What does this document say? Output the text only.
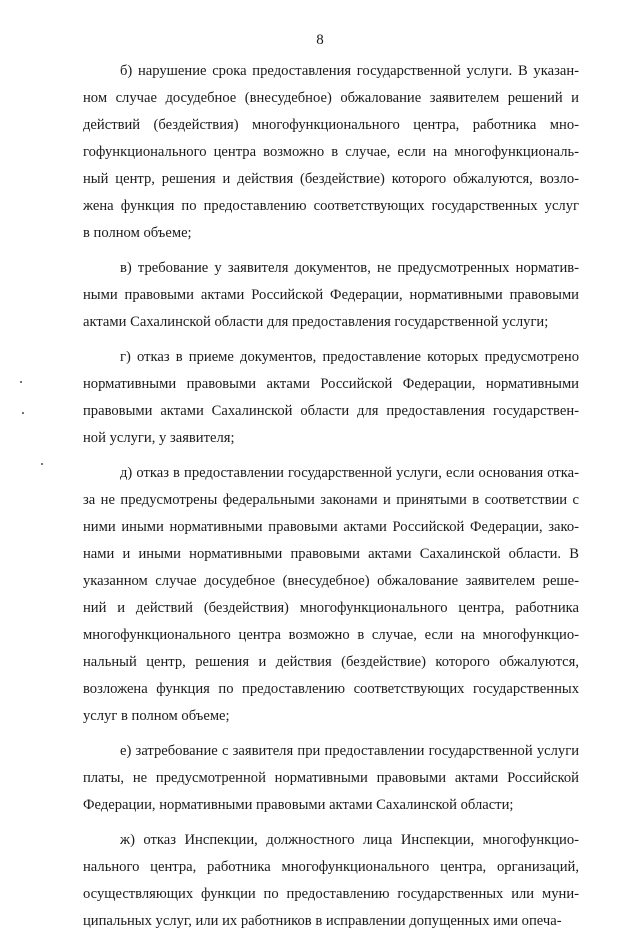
8
б) нарушение срока предоставления государственной услуги. В указан-
ном случае досудебное (внесудебное) обжалование заявителем решений и
действий (бездействия) многофункционального центра, работника мно-
гофункционального центра возможно в случае, если на многофункциональ-
ный центр, решения и действия (бездействие) которого обжалуются, возло-
жена функция по предоставлению соответствующих государственных услуг
в полном объеме;
в) требование у заявителя документов, не предусмотренных норматив-
ными правовыми актами Российской Федерации, нормативными правовыми
актами Сахалинской области для предоставления государственной услуги;
г) отказ в приеме документов, предоставление которых предусмотрено
нормативными правовыми актами Российской Федерации, нормативными
правовыми актами Сахалинской области для предоставления государствен-
ной услуги, у заявителя;
д) отказ в предоставлении государственной услуги, если основания отка-
за не предусмотрены федеральными законами и принятыми в соответствии с
ними иными нормативными правовыми актами Российской Федерации, зако-
нами и иными нормативными правовыми актами Сахалинской области. В
указанном случае досудебное (внесудебное) обжалование заявителем реше-
ний и действий (бездействия) многофункционального центра, работника
многофункционального центра возможно в случае, если на многофункцио-
нальный центр, решения и действия (бездействие) которого обжалуются,
возложена функция по предоставлению соответствующих государственных
услуг в полном объеме;
е) затребование с заявителя при предоставлении государственной услуги
платы, не предусмотренной нормативными правовыми актами Российской
Федерации, нормативными правовыми актами Сахалинской области;
ж) отказ Инспекции, должностного лица Инспекции, многофункцио-
нального центра, работника многофункционального центра, организаций,
осуществляющих функции по предоставлению государственных или муни-
ципальных услуг, или их работников в исправлении допущенных ими опеча-
